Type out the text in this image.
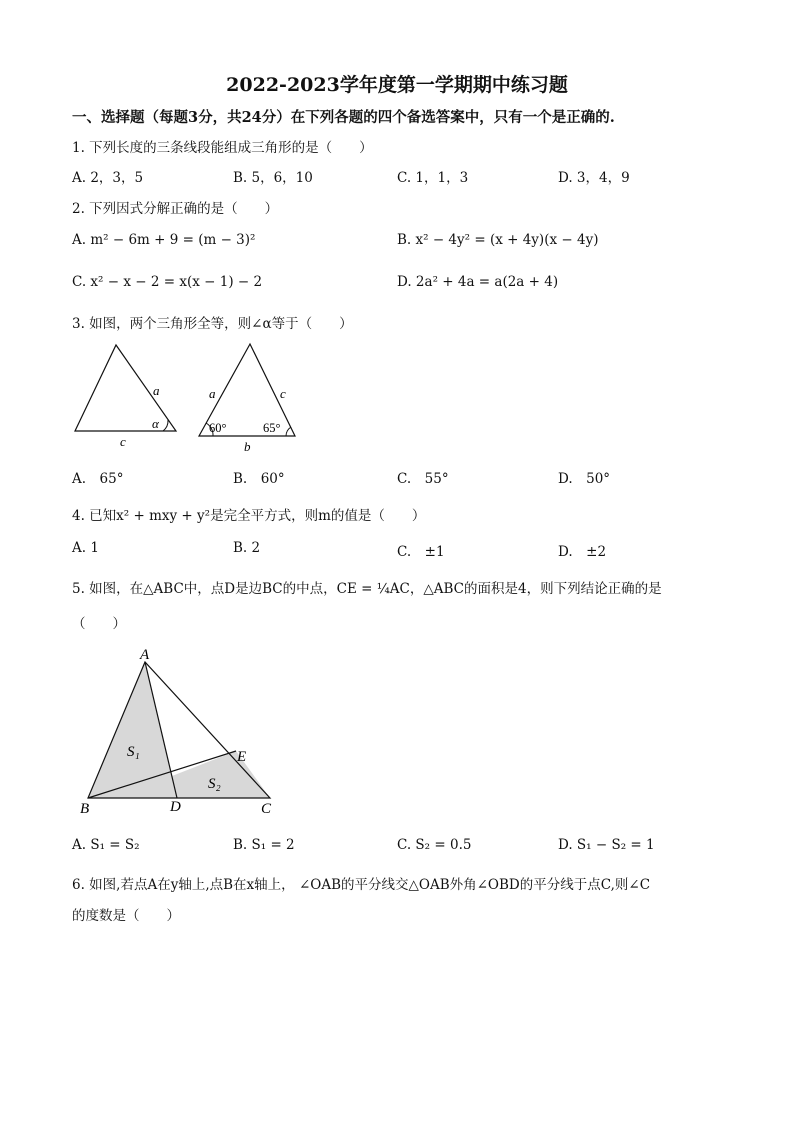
2022-2023学年度第一学期期中练习题
一、选择题（每题3分，共24分）在下列各题的四个备选答案中，只有一个是正确的.
1. 下列长度的三条线段能组成三角形的是（　　）
A. 2，3，5	B. 5，6，10	C. 1，1，3	D. 3，4，9
2. 下列因式分解正确的是（　　）
A. m² − 6m + 9 = (m − 3)²	B. x² − 4y² = (x + 4y)(x − 4y)
C. x² − x − 2 = x(x − 1) − 2	D. 2a² + 4a = a(2a + 4)
3. 如图，两个三角形全等，则∠α等于（　　）
a
α
c
a	c
60°	65°
b
A.　65°	B.　60°	C.　55°	D.　50°
4. 已知x² + mxy + y²是完全平方式，则m的值是（　　）
A. 1	B. 2	C.　±1	D.　±2
5. 如图，在△ABC中，点D是边BC的中点，CE = ¼AC，△ABC的面积是4，则下列结论正确的是
（　　）
A
B	D	C
E
S₁
S₂
A. S₁ = S₂	B. S₁ = 2	C. S₂ = 0.5	D. S₁ − S₂ = 1
6. 如图,若点A在y轴上,点B在x轴上， ∠OAB的平分线交△OAB外角∠OBD的平分线于点C,则∠C
的度数是（　　）
